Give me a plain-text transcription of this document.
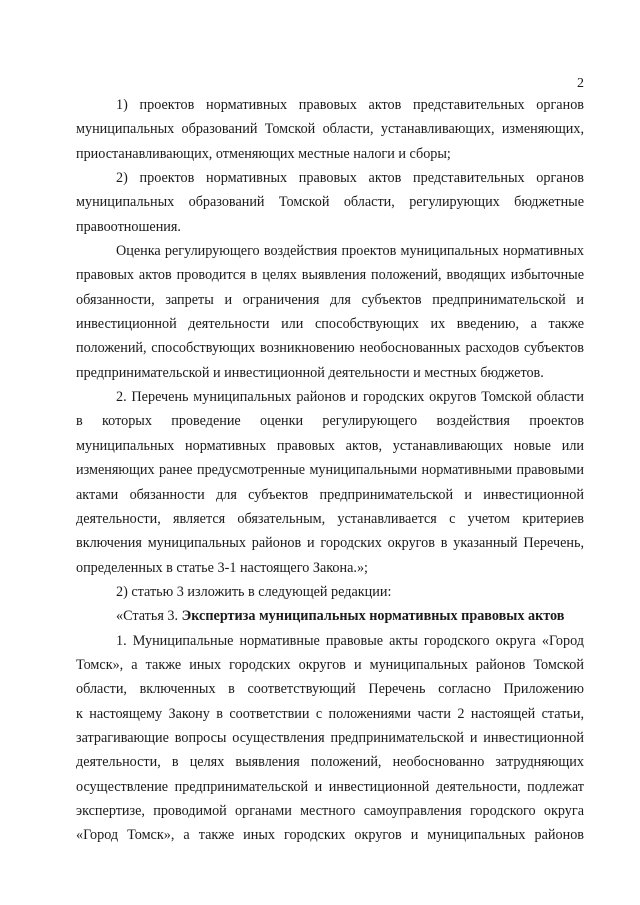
2
1) проектов нормативных правовых актов представительных органов
муниципальных образований Томской области, устанавливающих, изменяющих,
приостанавливающих, отменяющих местные налоги и сборы;
2) проектов нормативных правовых актов представительных органов
муниципальных образований Томской области, регулирующих бюджетные
правоотношения.
Оценка регулирующего воздействия проектов муниципальных нормативных
правовых актов проводится в целях выявления положений, вводящих избыточные
обязанности, запреты и ограничения для субъектов предпринимательской и
инвестиционной деятельности или способствующих их введению, а также
положений, способствующих возникновению необоснованных расходов субъектов
предпринимательской и инвестиционной деятельности и местных бюджетов.
2. Перечень муниципальных районов и городских округов Томской области
в которых проведение оценки регулирующего воздействия проектов
муниципальных нормативных правовых актов, устанавливающих новые или
изменяющих ранее предусмотренные муниципальными нормативными правовыми
актами обязанности для субъектов предпринимательской и инвестиционной
деятельности, является обязательным, устанавливается с учетом критериев
включения муниципальных районов и городских округов в указанный Перечень,
определенных в статье 3-1 настоящего Закона.»;
2) статью 3 изложить в следующей редакции:
«Статья 3. Экспертиза муниципальных нормативных правовых актов
1. Муниципальные нормативные правовые акты городского округа «Город
Томск», а также иных городских округов и муниципальных районов Томской
области, включенных в соответствующий Перечень согласно Приложению
к настоящему Закону в соответствии с положениями части 2 настоящей статьи,
затрагивающие вопросы осуществления предпринимательской и инвестиционной
деятельности, в целях выявления положений, необоснованно затрудняющих
осуществление предпринимательской и инвестиционной деятельности, подлежат
экспертизе, проводимой органами местного самоуправления городского округа
«Город Томск», а также иных городских округов и муниципальных районов
